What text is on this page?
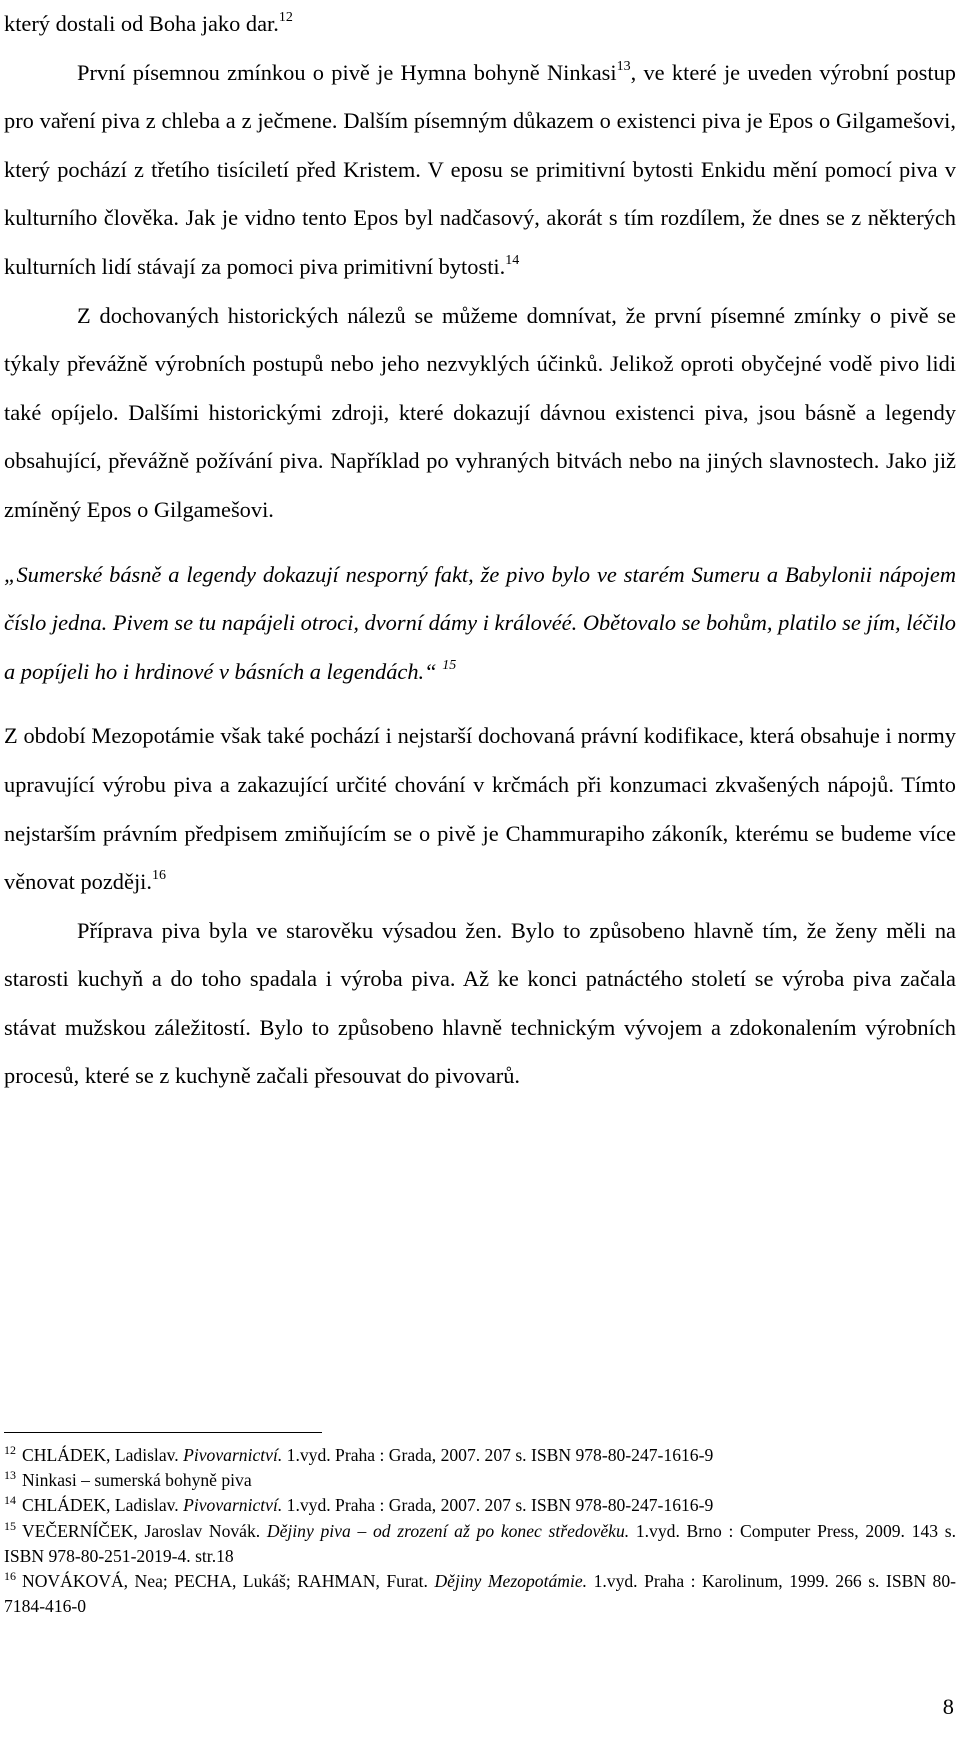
který dostali od Boha jako dar.$^{12}$

První písemnou zmínkou o pivě je Hymna bohyně Ninkasi$^{13}$, ve které je uveden výrobní postup pro vaření piva z chleba a z ječmene. Dalším písemným důkazem o existenci piva je Epos o Gilgamešovi, který pochází z třetího tisíciletí před Kristem. V eposu se primitivní bytosti Enkidu mění pomocí piva v kulturního člověka. Jak je vidno tento Epos byl nadčasový, akorát s tím rozdílem, že dnes se z některých kulturních lidí stávají za pomoci piva primitivní bytosti.$^{14}$

Z dochovaných historických nálezů se můžeme domnívat, že první písemné zmínky o pivě se týkaly převážně výrobních postupů nebo jeho nezvyklých účinků. Jelikož oproti obyčejné vodě pivo lidi také opíjelo. Dalšími historickými zdroji, které dokazují dávnou existenci piva, jsou básně a legendy obsahující, převážně požívání piva. Například po vyhraných bitvách nebo na jiných slavnostech. Jako již zmíněný Epos o Gilgamešovi.

„Sumerské básně a legendy dokazují nesporný fakt, že pivo bylo ve starém Sumeru a Babylonii nápojem číslo jedna. Pivem se tu napájeli otroci, dvorní dámy i královéé. Obětovalo se bohům, platilo se jím, léčilo a popíjeli ho i hrdinové v básních a legendách.“ $^{15}$

Z období Mezopotámie však také pochází i nejstarší dochovaná právní kodifikace, která obsahuje i normy upravující výrobu piva a zakazující určité chování v krčmách při konzumaci zkvašených nápojů. Tímto nejstarším právním předpisem zmiňujícím se o pivě je Chammurapiho zákoník, kterému se budeme více věnovat později.$^{16}$

Příprava piva byla ve starověku výsadou žen. Bylo to způsobeno hlavně tím, že ženy měli na starosti kuchyň a do toho spadala i výroba piva. Až ke konci patnáctého století se výroba piva začala stávat mužskou záležitostí. Bylo to způsobeno hlavně technickým vývojem a zdokonalením výrobních procesů, které se z kuchyně začali přesouvat do pivovarů.

$^{12}$ CHLÁDEK, Ladislav. Pivovarnictví. 1.vyd. Praha : Grada, 2007. 207 s. ISBN 978-80-247-1616-9

$^{13}$ Ninkasi – sumerská bohyně piva

$^{14}$ CHLÁDEK, Ladislav. Pivovarnictví. 1.vyd. Praha : Grada, 2007. 207 s. ISBN 978-80-247-1616-9

$^{15}$ VEČERNÍČEK, Jaroslav Novák. Dějiny piva – od zrození až po konec středověku. 1.vyd. Brno : Computer Press, 2009. 143 s. ISBN 978-80-251-2019-4. str.18

$^{16}$ NOVÁKOVÁ, Nea; PECHA, Lukáš; RAHMAN, Furat. Dějiny Mezopotámie. 1.vyd. Praha : Karolinum, 1999. 266 s. ISBN 80-7184-416-0

8
